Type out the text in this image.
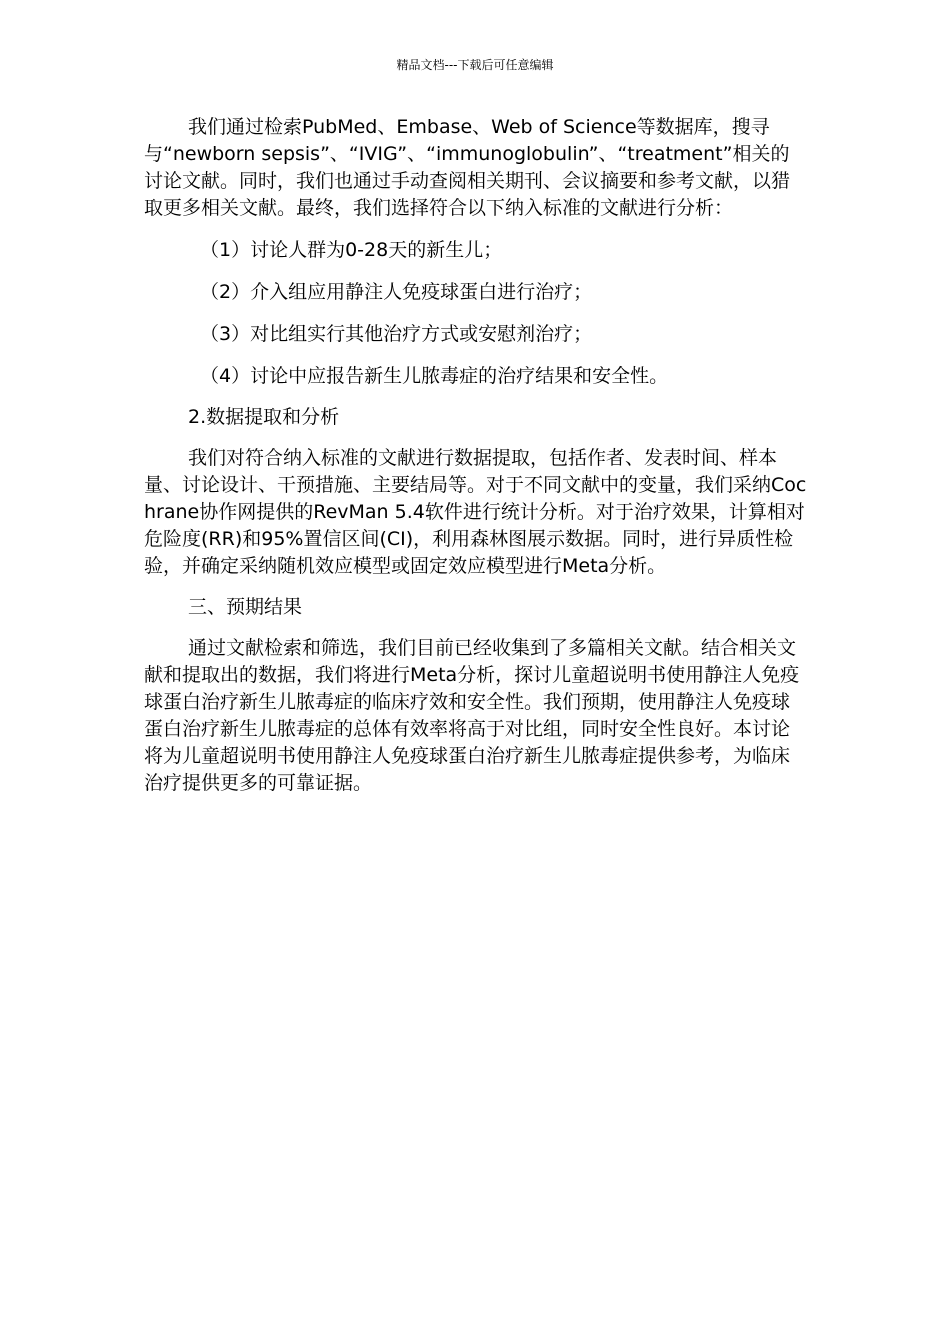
精品文档---下载后可任意编辑

我们通过检索PubMed、Embase、Web of Science等数据库，搜寻与“newborn sepsis”、“IVIG”、“immunoglobulin”、“treatment”相关的讨论文献。同时，我们也通过手动查阅相关期刊、会议摘要和参考文献，以猎取更多相关文献。最终，我们选择符合以下纳入标准的文献进行分析：

（1）讨论人群为0-28天的新生儿；

（2）介入组应用静注人免疫球蛋白进行治疗；

（3）对比组实行其他治疗方式或安慰剂治疗；

（4）讨论中应报告新生儿脓毒症的治疗结果和安全性。

2.数据提取和分析

我们对符合纳入标准的文献进行数据提取，包括作者、发表时间、样本量、讨论设计、干预措施、主要结局等。对于不同文献中的变量，我们采纳Cochrane协作网提供的RevMan 5.4软件进行统计分析。对于治疗效果，计算相对危险度(RR)和95%置信区间(CI)，利用森林图展示数据。同时，进行异质性检验，并确定采纳随机效应模型或固定效应模型进行Meta分析。

三、预期结果

通过文献检索和筛选，我们目前已经收集到了多篇相关文献。结合相关文献和提取出的数据，我们将进行Meta分析，探讨儿童超说明书使用静注人免疫球蛋白治疗新生儿脓毒症的临床疗效和安全性。我们预期，使用静注人免疫球蛋白治疗新生儿脓毒症的总体有效率将高于对比组，同时安全性良好。本讨论将为儿童超说明书使用静注人免疫球蛋白治疗新生儿脓毒症提供参考，为临床治疗提供更多的可靠证据。
